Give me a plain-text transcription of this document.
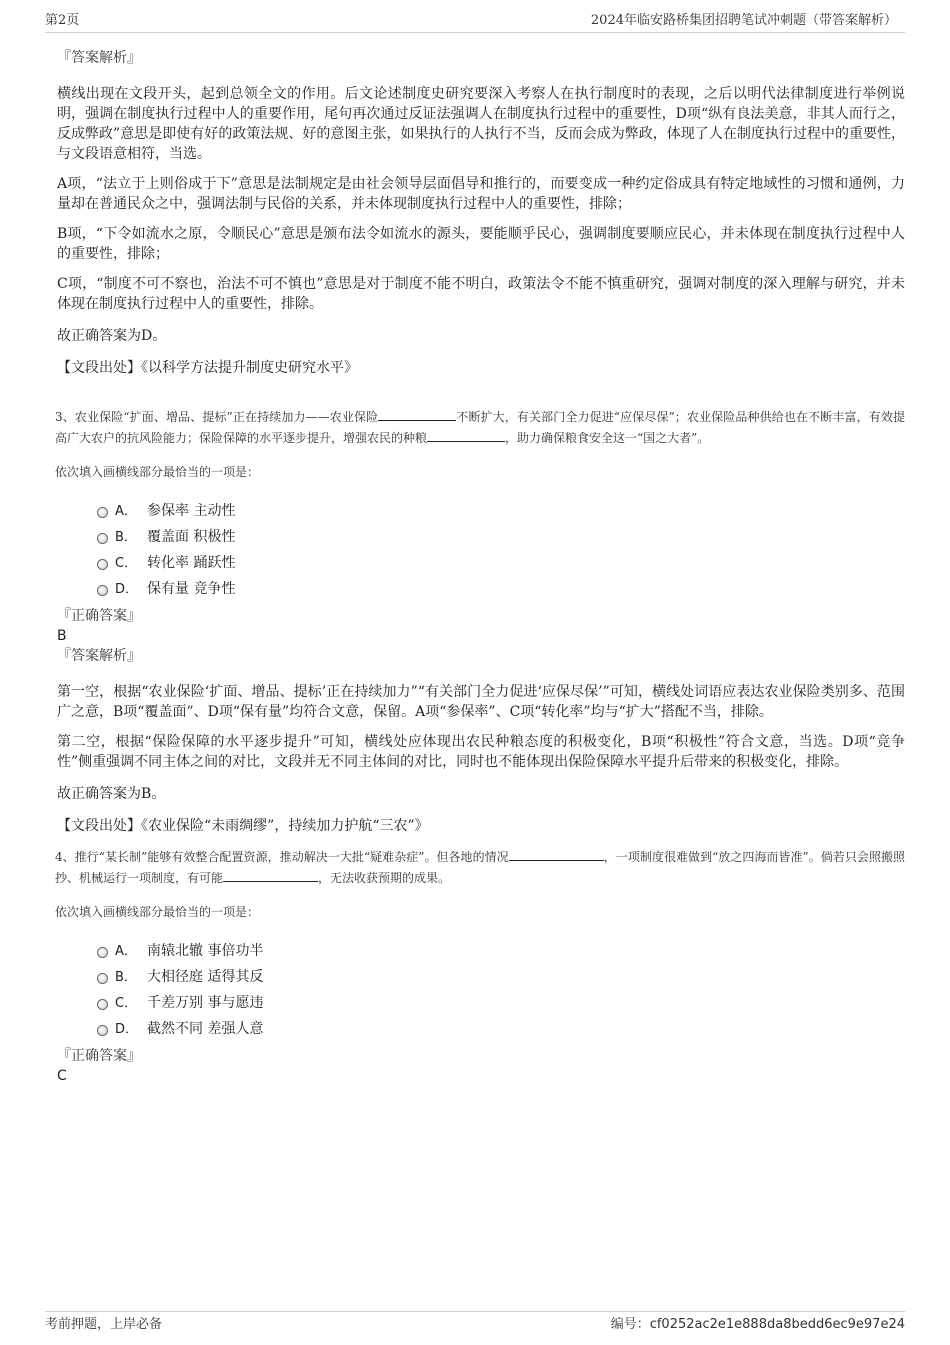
第2页	2024年临安路桥集团招聘笔试冲刺题（带答案解析）

『答案解析』

横线出现在文段开头，起到总领全文的作用。后文论述制度史研究要深入考察人在执行制度时的表现，之后以明代法律制度进行举例说明，强调在制度执行过程中人的重要作用，尾句再次通过反证法强调人在制度执行过程中的重要性，D项“纵有良法美意，非其人而行之，反成弊政”意思是即使有好的政策法规、好的意图主张，如果执行的人执行不当，反而会成为弊政，体现了人在制度执行过程中的重要性，与文段语意相符，当选。

A项，“法立于上则俗成于下”意思是法制规定是由社会领导层面倡导和推行的，而要变成一种约定俗成具有特定地域性的习惯和通例，力量却在普通民众之中，强调法制与民俗的关系，并未体现制度执行过程中人的重要性，排除；

B项，“下令如流水之原，令顺民心”意思是颁布法令如流水的源头，要能顺乎民心，强调制度要顺应民心，并未体现在制度执行过程中人的重要性，排除；

C项，“制度不可不察也，治法不可不慎也”意思是对于制度不能不明白，政策法令不能不慎重研究，强调对制度的深入理解与研究，并未体现在制度执行过程中人的重要性，排除。

故正确答案为D。

【文段出处】《以科学方法提升制度史研究水平》

3、农业保险“扩面、增品、提标”正在持续加力——农业保险	不断扩大，有关部门全力促进“应保尽保”；农业保险品种供给也在不断丰富，有效提高广大农户的抗风险能力；保险保障的水平逐步提升，增强农民的种粮	，助力确保粮食安全这一“国之大者”。

依次填入画横线部分最恰当的一项是：

A． 参保率 主动性
B． 覆盖面 积极性
C． 转化率 踊跃性
D． 保有量 竞争性

『正确答案』

B

『答案解析』

第一空，根据“农业保险‘扩面、增品、提标’正在持续加力”“有关部门全力促进‘应保尽保’”可知，横线处词语应表达农业保险类别多、范围广之意，B项“覆盖面”、D项“保有量”均符合文意，保留。A项“参保率”、C项“转化率”均与“扩大”搭配不当，排除。

第二空，根据“保险保障的水平逐步提升”可知，横线处应体现出农民种粮态度的积极变化，B项“积极性”符合文意，当选。D项“竞争性”侧重强调不同主体之间的对比，文段并无不同主体间的对比，同时也不能体现出保险保障水平提升后带来的积极变化，排除。

故正确答案为B。

【文段出处】《农业保险“未雨绸缪”，持续加力护航“三农”》

4、推行“某长制”能够有效整合配置资源，推动解决一大批“疑难杂症”。但各地的情况	，一项制度很难做到“放之四海而皆准”。倘若只会照搬照抄、机械运行一项制度，有可能	，无法收获预期的成果。

依次填入画横线部分最恰当的一项是：

A． 南辕北辙 事倍功半
B． 大相径庭 适得其反
C． 千差万别 事与愿违
D． 截然不同 差强人意

『正确答案』

C

考前押题，上岸必备	编号：cf0252ac2e1e888da8bedd6ec9e97e24
